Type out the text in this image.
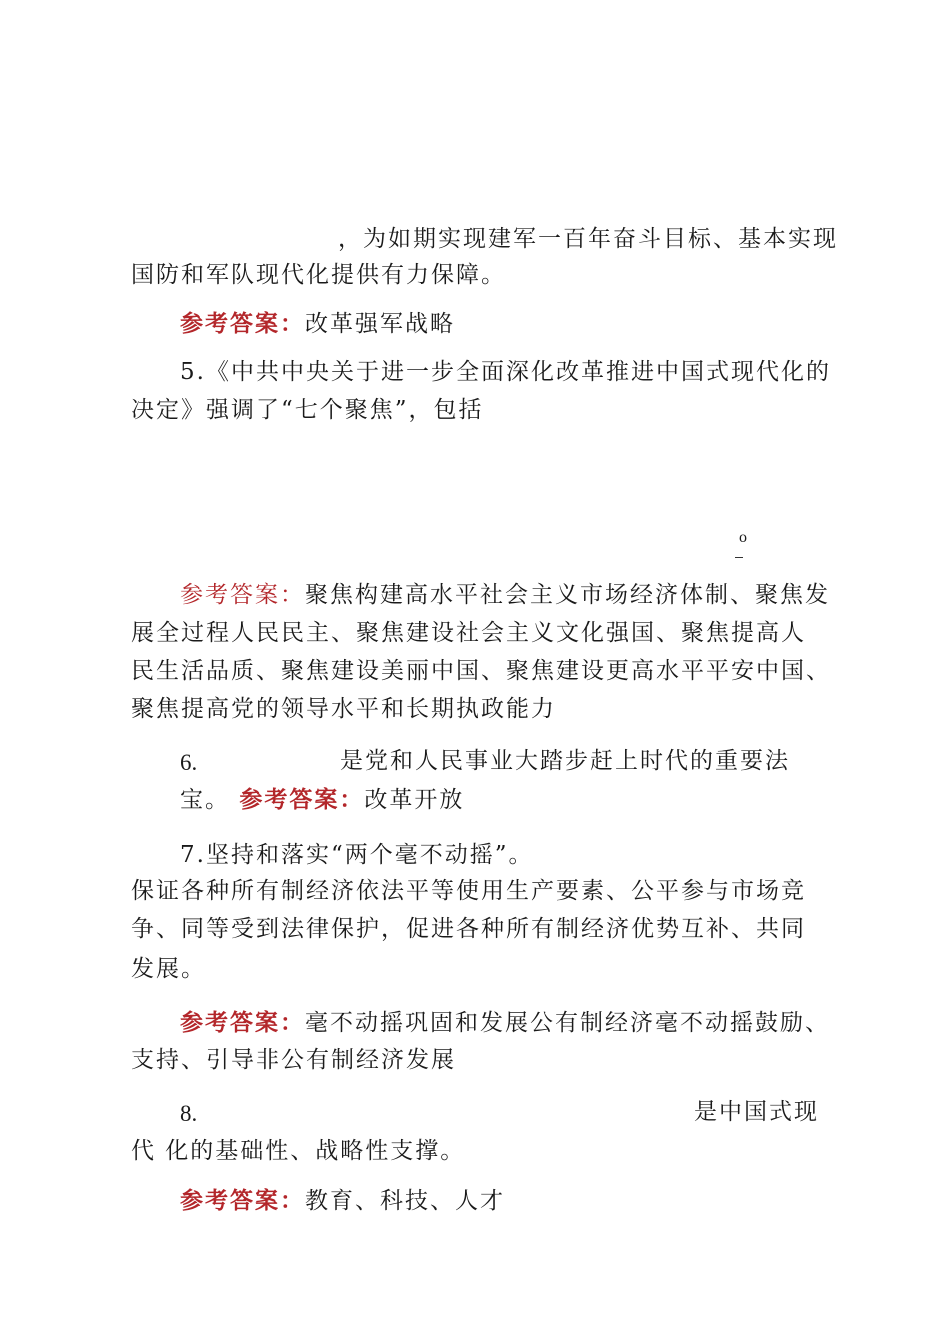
，为如期实现建军一百年奋斗目标、基本实现
国防和军队现代化提供有力保障。
参考答案：改革强军战略
5.《中共中央关于进一步全面深化改革推进中国式现代化的
决定》强调了“七个聚焦”，包括
o
参考答案：聚焦构建高水平社会主义市场经济体制、聚焦发
展全过程人民民主、聚焦建设社会主义文化强国、聚焦提高人
民生活品质、聚焦建设美丽中国、聚焦建设更高水平平安中国、
聚焦提高党的领导水平和长期执政能力
6.	是党和人民事业大踏步赶上时代的重要法
宝。 参考答案：改革开放
7.坚持和落实“两个毫不动摇”。
保证各种所有制经济依法平等使用生产要素、公平参与市场竞
争、同等受到法律保护，促进各种所有制经济优势互补、共同
发展。
参考答案：毫不动摇巩固和发展公有制经济毫不动摇鼓励、
支持、引导非公有制经济发展
8.	是中国式现
代 化的基础性、战略性支撑。
参考答案：教育、科技、人才
